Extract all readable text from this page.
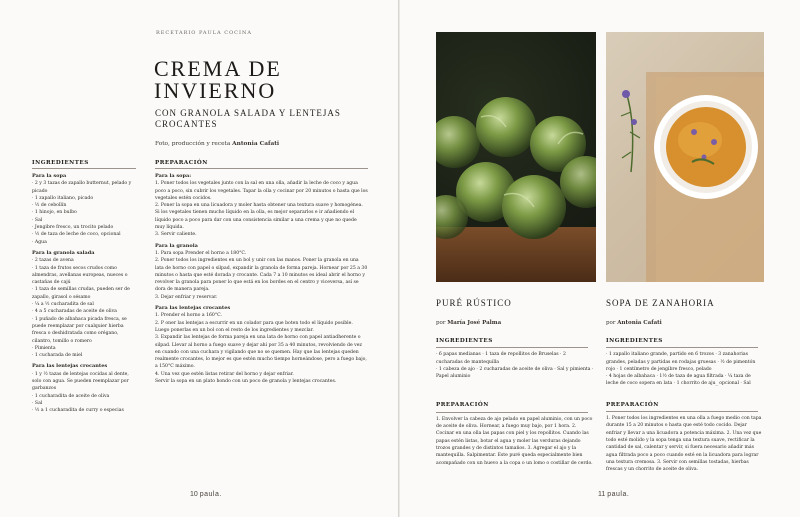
RECETARIO PAULA COCINA
CREMA DE INVIERNO
CON GRANOLA SALADA Y LENTEJAS CROCANTES
Foto, producción y receta Antonia Cafati
INGREDIENTES
Para la sopa
· 2 y 3 tazas de zapallo butternut, pelado y picado
· 1 zapallo italiano, picado
· ½ de cebollín
· 1 hinojo, en bulbo
· Sal
· Jengibre fresco, un trocito pelado
· ½ de taza de leche de coco, opcional
· Agua
Para la granola salada
· 2 tazas de avena
· 1 taza de frutos secos crudos como almendras, avellanas europeas, nueces o castañas de cajú
· 1 taza de semillas crudas, pueden ser de zapallo, girasol o sésamo
· ¼ a ½ cucharadita de sal
· 4 a 5 cucharadas de aceite de oliva
· 1 puñado de albahaca picada fresca, se puede reemplazar por cualquier hierba fresca o deshidratada como orégano, cilantro, tomillo o romero
· Pimienta
· 1 cucharada de miel
Para las lentejas crocantes
· 1 y ½ tazas de lentejas cocidas al dente, solo con agua. Se pueden reemplazar por garbanzos
· 1 cucharadita de aceite de oliva
· Sal
· ½ a 1 cucharadita de curry o especias
PREPARACIÓN
Para la sopa:
1. Poner todos los vegetales junto con la sal en una olla, añadir la leche de coco y agua poco a poco, sin cubrir los vegetales. Tapar la olla y cocinar por 20 minutos o hasta que los vegetales estén cocidos.
2. Poner la sopa en una licuadora y moler hasta obtener una textura suave y homogénea. Si los vegetales tienen mucho líquido en la olla, es mejor separarlos e ir añadiendo el líquido poco a poco para dar con una consistencia similar a una crema y que no quede muy líquida.
3. Servir caliente.
Para la granola
1. Para sopa Prender el horno a 180°C.
2. Poner todos los ingredientes en un bol y unir con las manos. Poner la granola en una lata de horno con papel o silpad, expandir la granola de forma pareja. Hornear por 25 a 30 minutos o hasta que esté dorada y crocante. Cada 7 a 10 minutos es ideal abrir el horno y revolver la granola para poner lo que está en los bordes en el centro y viceversa, así se dora de manera pareja.
3. Dejar enfriar y reservar.
Para las lentejas crocantes
1. Prender el horno a 160°C.
2. P oner las lentejas a escurrir en un colador para que boten todo el líquido posible. Luego ponerlas en un bol con el resto de los ingredientes y mezclar.
3. Expandir las lentejas de forma pareja en una lata de horno con papel antiadherente o silpad. Llevar al horno a fuego suave y dejar ahí por 35 a 40 minutos, revolviendo de vez en cuando con una cuchara y vigilando que no se quemen. Hay que las lentejas queden realmente crocantes, lo mejor es que estén mucho tiempo horneándose, pero a fuego bajo, a 150°C máximo.
4. Una vez que estén listas retirar del horno y dejar enfriar.
Servir la sopa en un plato hondo con un poco de granola y lentejas crocantes.
10 paula.
PURÉ RÚSTICO
por María José Palma
INGREDIENTES
· 6 papas medianas · 1 taza de repollitos de Bruselas · 2 cucharadas de mantequilla
· 1 cabeza de ajo · 2 cucharadas de aceite de oliva · Sal y pimienta · Papel aluminio
PREPARACIÓN
1. Envolver la cabeza de ajo pelado en papel aluminio, con un poco de aceite de oliva. Hornear, a fuego muy bajo, por 1 hora. 2. Cocinar en una olla las papas con piel y los repollitos. Cuando las papas estén listas, botar el agua y moler las verduras dejando trozos grandes y de distintos tamaños. 3. Agregar el ajo y la mantequilla. Salpimentar. Este puré queda especialmente bien acompañado con un huevo a la copa o un lomo o costillar de cerdo.
SOPA DE ZANAHORIA
por Antonia Cafati
INGREDIENTES
· 1 zapallo italiano grande, partido en 6 trozos · 3 zanahorias grandes, peladas y partidas en rodajas gruesas · ½ de pimentón rojo · 1 centímetro de jengibre fresco, pelado
· 4 hojas de albahaca · 1½ de taza de agua filtrada · ¼ taza de leche de coco sopera en lata · 1 chorrito de aju_ opcional · Sal
PREPARACIÓN
1. Poner todos los ingredientes en una olla a fuego medio con tapa durante 15 a 20 minutos o hasta que esté todo cocido. Dejar enfriar y llevar a una licuadora a potencia máxima. 2. Una vez que todo esté molido y la sopa tenga una textura suave, rectificar la cantidad de sal, calentar y servir, si fuera necesario añadir más agua filtrada poco a poco cuando esté en la licuadora para lograr una textura cremosa. 3. Servir con semillas tostadas, hierbas frescas y un chorrito de aceite de oliva.
11 paula.
